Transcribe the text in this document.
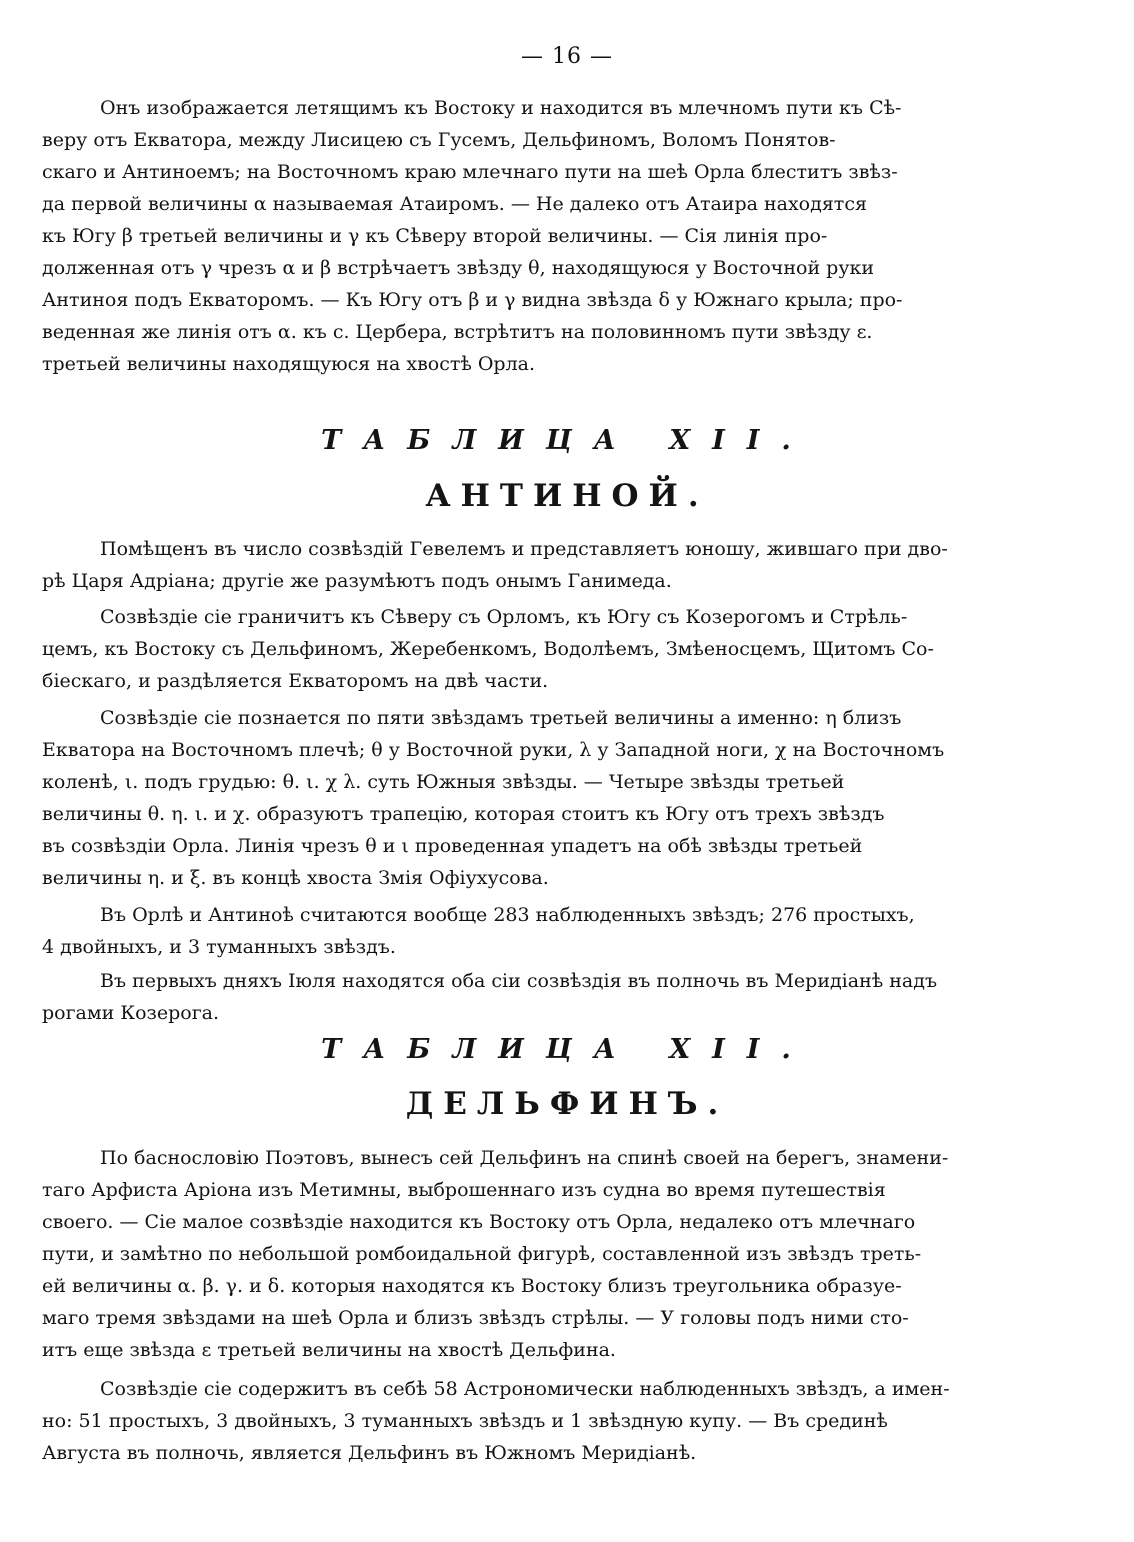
— 16 —
Онъ изображается летящимъ къ Востоку и находится въ млечномъ пути къ Сѣ-
веру отъ Екватора, между Лисицею съ Гусемъ, Дельфиномъ, Воломъ Понятов-
скаго и Антиноемъ; на Восточномъ краю млечнаго пути на шеѣ Орла блеститъ звѣз-
да первой величины α называемая Атаиромъ. — Не далеко отъ Атаира находятся
къ Югу β третьей величины и γ къ Сѣверу второй величины. — Сія линія про-
долженная отъ γ чрезъ α и β встрѣчаетъ звѣзду θ, находящуюся у Восточной руки
Антиноя подъ Екваторомъ. — Къ Югу отъ β и γ видна звѣзда δ у Южнаго крыла; про-
веденная же линія отъ α. къ с. Цербера, встрѣтитъ на половинномъ пути звѣзду ε.
третьей величины находящуюся на хвостѣ Орла.
ТАБЛИЦА XII.
АНТИНОЙ.
Помѣщенъ въ число созвѣздій Гевелемъ и представляетъ юношу, жившаго при дво-
рѣ Царя Адріана; другіе же разумѣютъ подъ онымъ Ганимеда.
Созвѣздіе сіе граничитъ къ Сѣверу съ Орломъ, къ Югу съ Козерогомъ и Стрѣль-
цемъ, къ Востоку съ Дельфиномъ, Жеребенкомъ, Водолѣемъ, Змѣеносцемъ, Щитомъ Со-
біескаго, и раздѣляется Екваторомъ на двѣ части.
Созвѣздіе сіе познается по пяти звѣздамъ третьей величины а именно: η близъ
Екватора на Восточномъ плечѣ; θ у Восточной руки, λ у Западной ноги, χ на Восточномъ
коленѣ, ι. подъ грудью: θ. ι. χ λ. суть Южныя звѣзды. — Четыре звѣзды третьей
величины θ. η. ι. и χ. образуютъ трапецію, которая стоитъ къ Югу отъ трехъ звѣздъ
въ созвѣздіи Орла. Линія чрезъ θ и ι проведенная упадетъ на обѣ звѣзды третьей
величины η. и ξ. въ концѣ хвоста Змія Офіухусова.
Въ Орлѣ и Антиноѣ считаются вообще 283 наблюденныхъ звѣздъ; 276 простыхъ,
4 двойныхъ, и 3 туманныхъ звѣздъ.
Въ первыхъ дняхъ Іюля находятся оба сіи созвѣздія въ полночь въ Меридіанѣ надъ
рогами Козерога.
ТАБЛИЦА XII.
ДЕЛЬФИНЪ.
По баснословію Поэтовъ, вынесъ сей Дельфинъ на спинѣ своей на берегъ, знамени-
таго Арфиста Аріона изъ Метимны, выброшеннаго изъ судна во время путешествія
своего. — Сіе малое созвѣздіе находится къ Востоку отъ Орла, недалеко отъ млечнаго
пути, и замѣтно по небольшой ромбоидальной фигурѣ, составленной изъ звѣздъ треть-
ей величины α. β. γ. и δ. которыя находятся къ Востоку близъ треугольника образуе-
маго тремя звѣздами на шеѣ Орла и близъ звѣздъ стрѣлы. — У головы подъ ними сто-
итъ еще звѣзда ε третьей величины на хвостѣ Дельфина.
Созвѣздіе сіе содержитъ въ себѣ 58 Астрономически наблюденныхъ звѣздъ, а имен-
но: 51 простыхъ, 3 двойныхъ, 3 туманныхъ звѣздъ и 1 звѣздную купу. — Въ срединѣ
Августа въ полночь, является Дельфинъ въ Южномъ Меридіанѣ.
